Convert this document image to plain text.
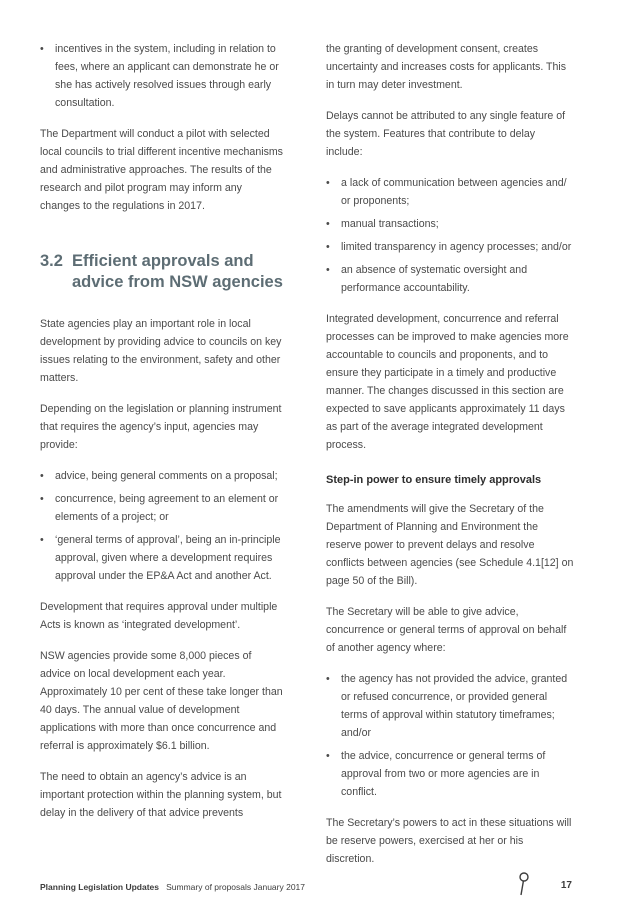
• incentives in the system, including in relation to fees, where an applicant can demonstrate he or she has actively resolved issues through early consultation.

The Department will conduct a pilot with selected local councils to trial different incentive mechanisms and administrative approaches. The results of the research and pilot program may inform any changes to the regulations in 2017.

3.2 Efficient approvals and advice from NSW agencies

State agencies play an important role in local development by providing advice to councils on key issues relating to the environment, safety and other matters.

Depending on the legislation or planning instrument that requires the agency’s input, agencies may provide:

• advice, being general comments on a proposal;
• concurrence, being agreement to an element or elements of a project; or
• ‘general terms of approval’, being an in-principle approval, given where a development requires approval under the EP&A Act and another Act.

Development that requires approval under multiple Acts is known as ‘integrated development’.

NSW agencies provide some 8,000 pieces of advice on local development each year. Approximately 10 per cent of these take longer than 40 days. The annual value of development applications with more than once concurrence and referral is approximately $6.1 billion.

The need to obtain an agency’s advice is an important protection within the planning system, but delay in the delivery of that advice prevents

the granting of development consent, creates uncertainty and increases costs for applicants. This in turn may deter investment.

Delays cannot be attributed to any single feature of the system. Features that contribute to delay include:

• a lack of communication between agencies and/ or proponents;
• manual transactions;
• limited transparency in agency processes; and/or
• an absence of systematic oversight and performance accountability.

Integrated development, concurrence and referral processes can be improved to make agencies more accountable to councils and proponents, and to ensure they participate in a timely and productive manner. The changes discussed in this section are expected to save applicants approximately 11 days as part of the average integrated development process.

Step-in power to ensure timely approvals

The amendments will give the Secretary of the Department of Planning and Environment the reserve power to prevent delays and resolve conflicts between agencies (see Schedule 4.1[12] on page 50 of the Bill).

The Secretary will be able to give advice, concurrence or general terms of approval on behalf of another agency where:

• the agency has not provided the advice, granted or refused concurrence, or provided general terms of approval within statutory timeframes; and/or
• the advice, concurrence or general terms of approval from two or more agencies are in conflict.

The Secretary’s powers to act in these situations will be reserve powers, exercised at her or his discretion.

Planning Legislation Updates Summary of proposals January 2017	17
